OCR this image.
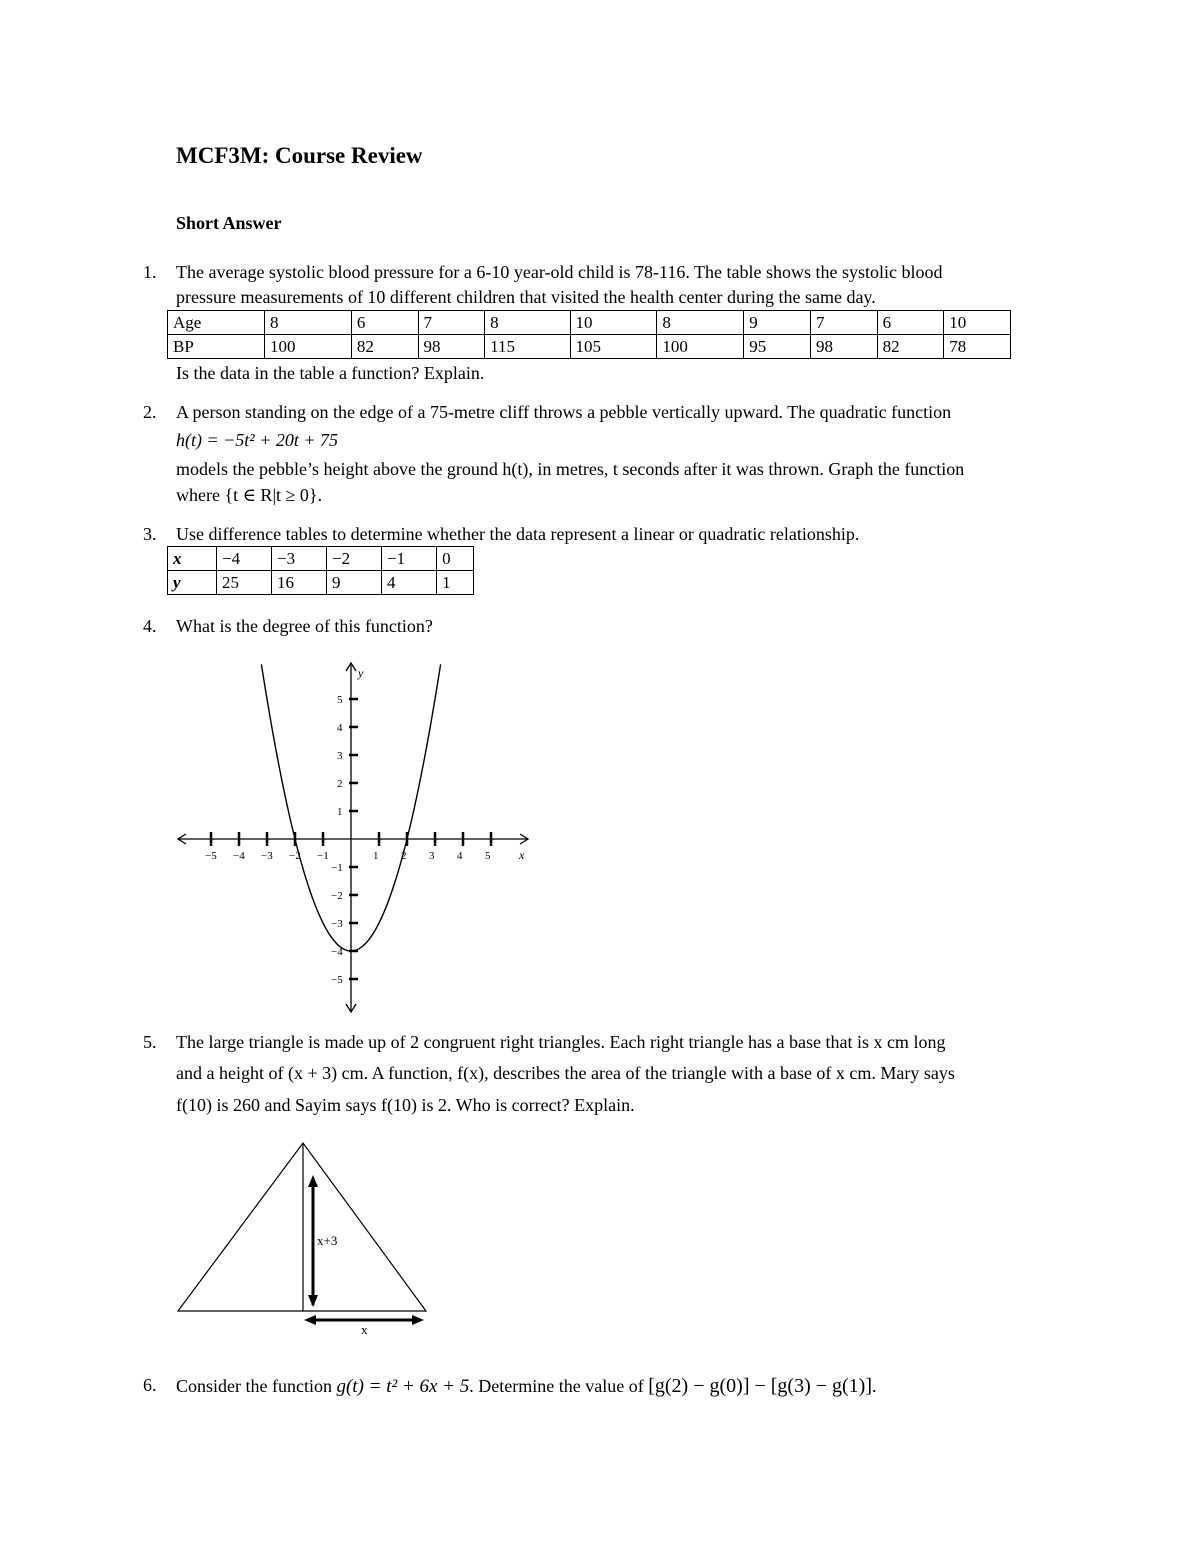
MCF3M: Course Review
Short Answer
1. The average systolic blood pressure for a 6-10 year-old child is 78-116. The table shows the systolic blood
pressure measurements of 10 different children that visited the health center during the same day.
Age	8	6	7	8	10	8	9	7	6	10
BP	100	82	98	115	105	100	95	98	82	78
Is the data in the table a function? Explain.
2. A person standing on the edge of a 75-metre cliff throws a pebble vertically upward. The quadratic function
h(t) = −5t² + 20t + 75
models the pebble’s height above the ground h(t), in metres, t seconds after it was thrown. Graph the function
where {t ∈ R|t ≥ 0}.
3. Use difference tables to determine whether the data represent a linear or quadratic relationship.
x	−4	−3	−2	−1	0
y	25	16	9	4	1
4. What is the degree of this function?
y
x
−5 −4 −3 −2 −1	1 2 3 4 5
1
−1
2
−2
3
−3
4
−4
5
−5
5. The large triangle is made up of 2 congruent right triangles. Each right triangle has a base that is x cm long
and a height of (x + 3) cm. A function, f(x), describes the area of the triangle with a base of x cm. Mary says
f(10) is 260 and Sayim says f(10) is 2. Who is correct? Explain.
x+3
x
6. Consider the function g(t) = t² + 6x + 5. Determine the value of [g(2) − g(0)] − [g(3) − g(1)].
